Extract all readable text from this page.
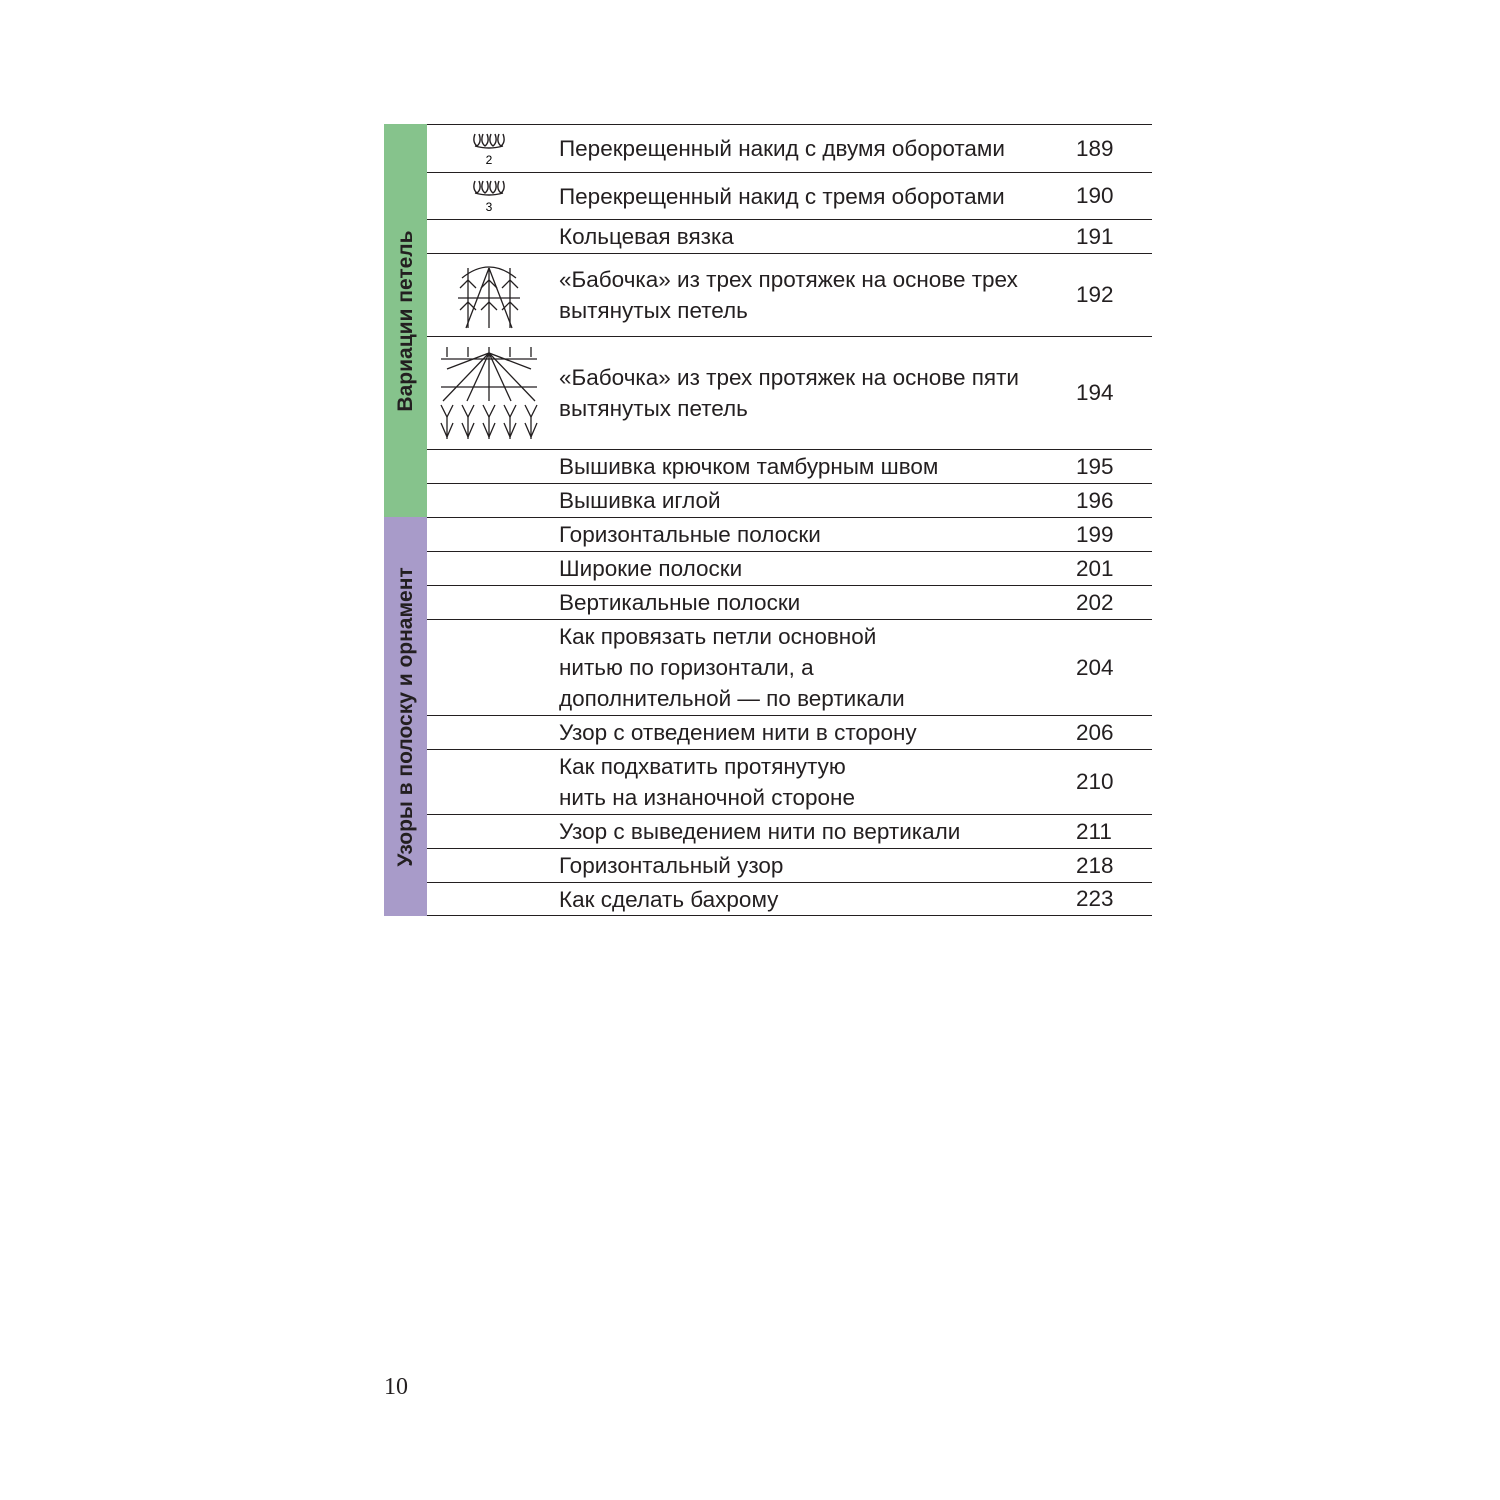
Вариации петель
2	Перекрещенный накид с двумя оборотами	189
3	Перекрещенный накид с тремя оборотами	190
Кольцевая вязка	191
«Бабочка» из трех протяжек на основе трех вытянутых петель
192
«Бабочка» из трех протяжек на основе пяти вытянутых петель
194
Вышивка крючком тамбурным швом	195
Вышивка иглой	196
Узоры в полоску и орнамент
Горизонтальные полоски	199
Широкие полоски	201
Вертикальные полоски	202
Как провязать петли основной нитью по горизонтали, а дополнительной — по вертикали
204
Узор с отведением нити в сторону	206
Как подхватить протянутую нить на изнаночной стороне
210
Узор с выведением нити по вертикали	211
Горизонтальный узор	218
Как сделать бахрому	223
10
